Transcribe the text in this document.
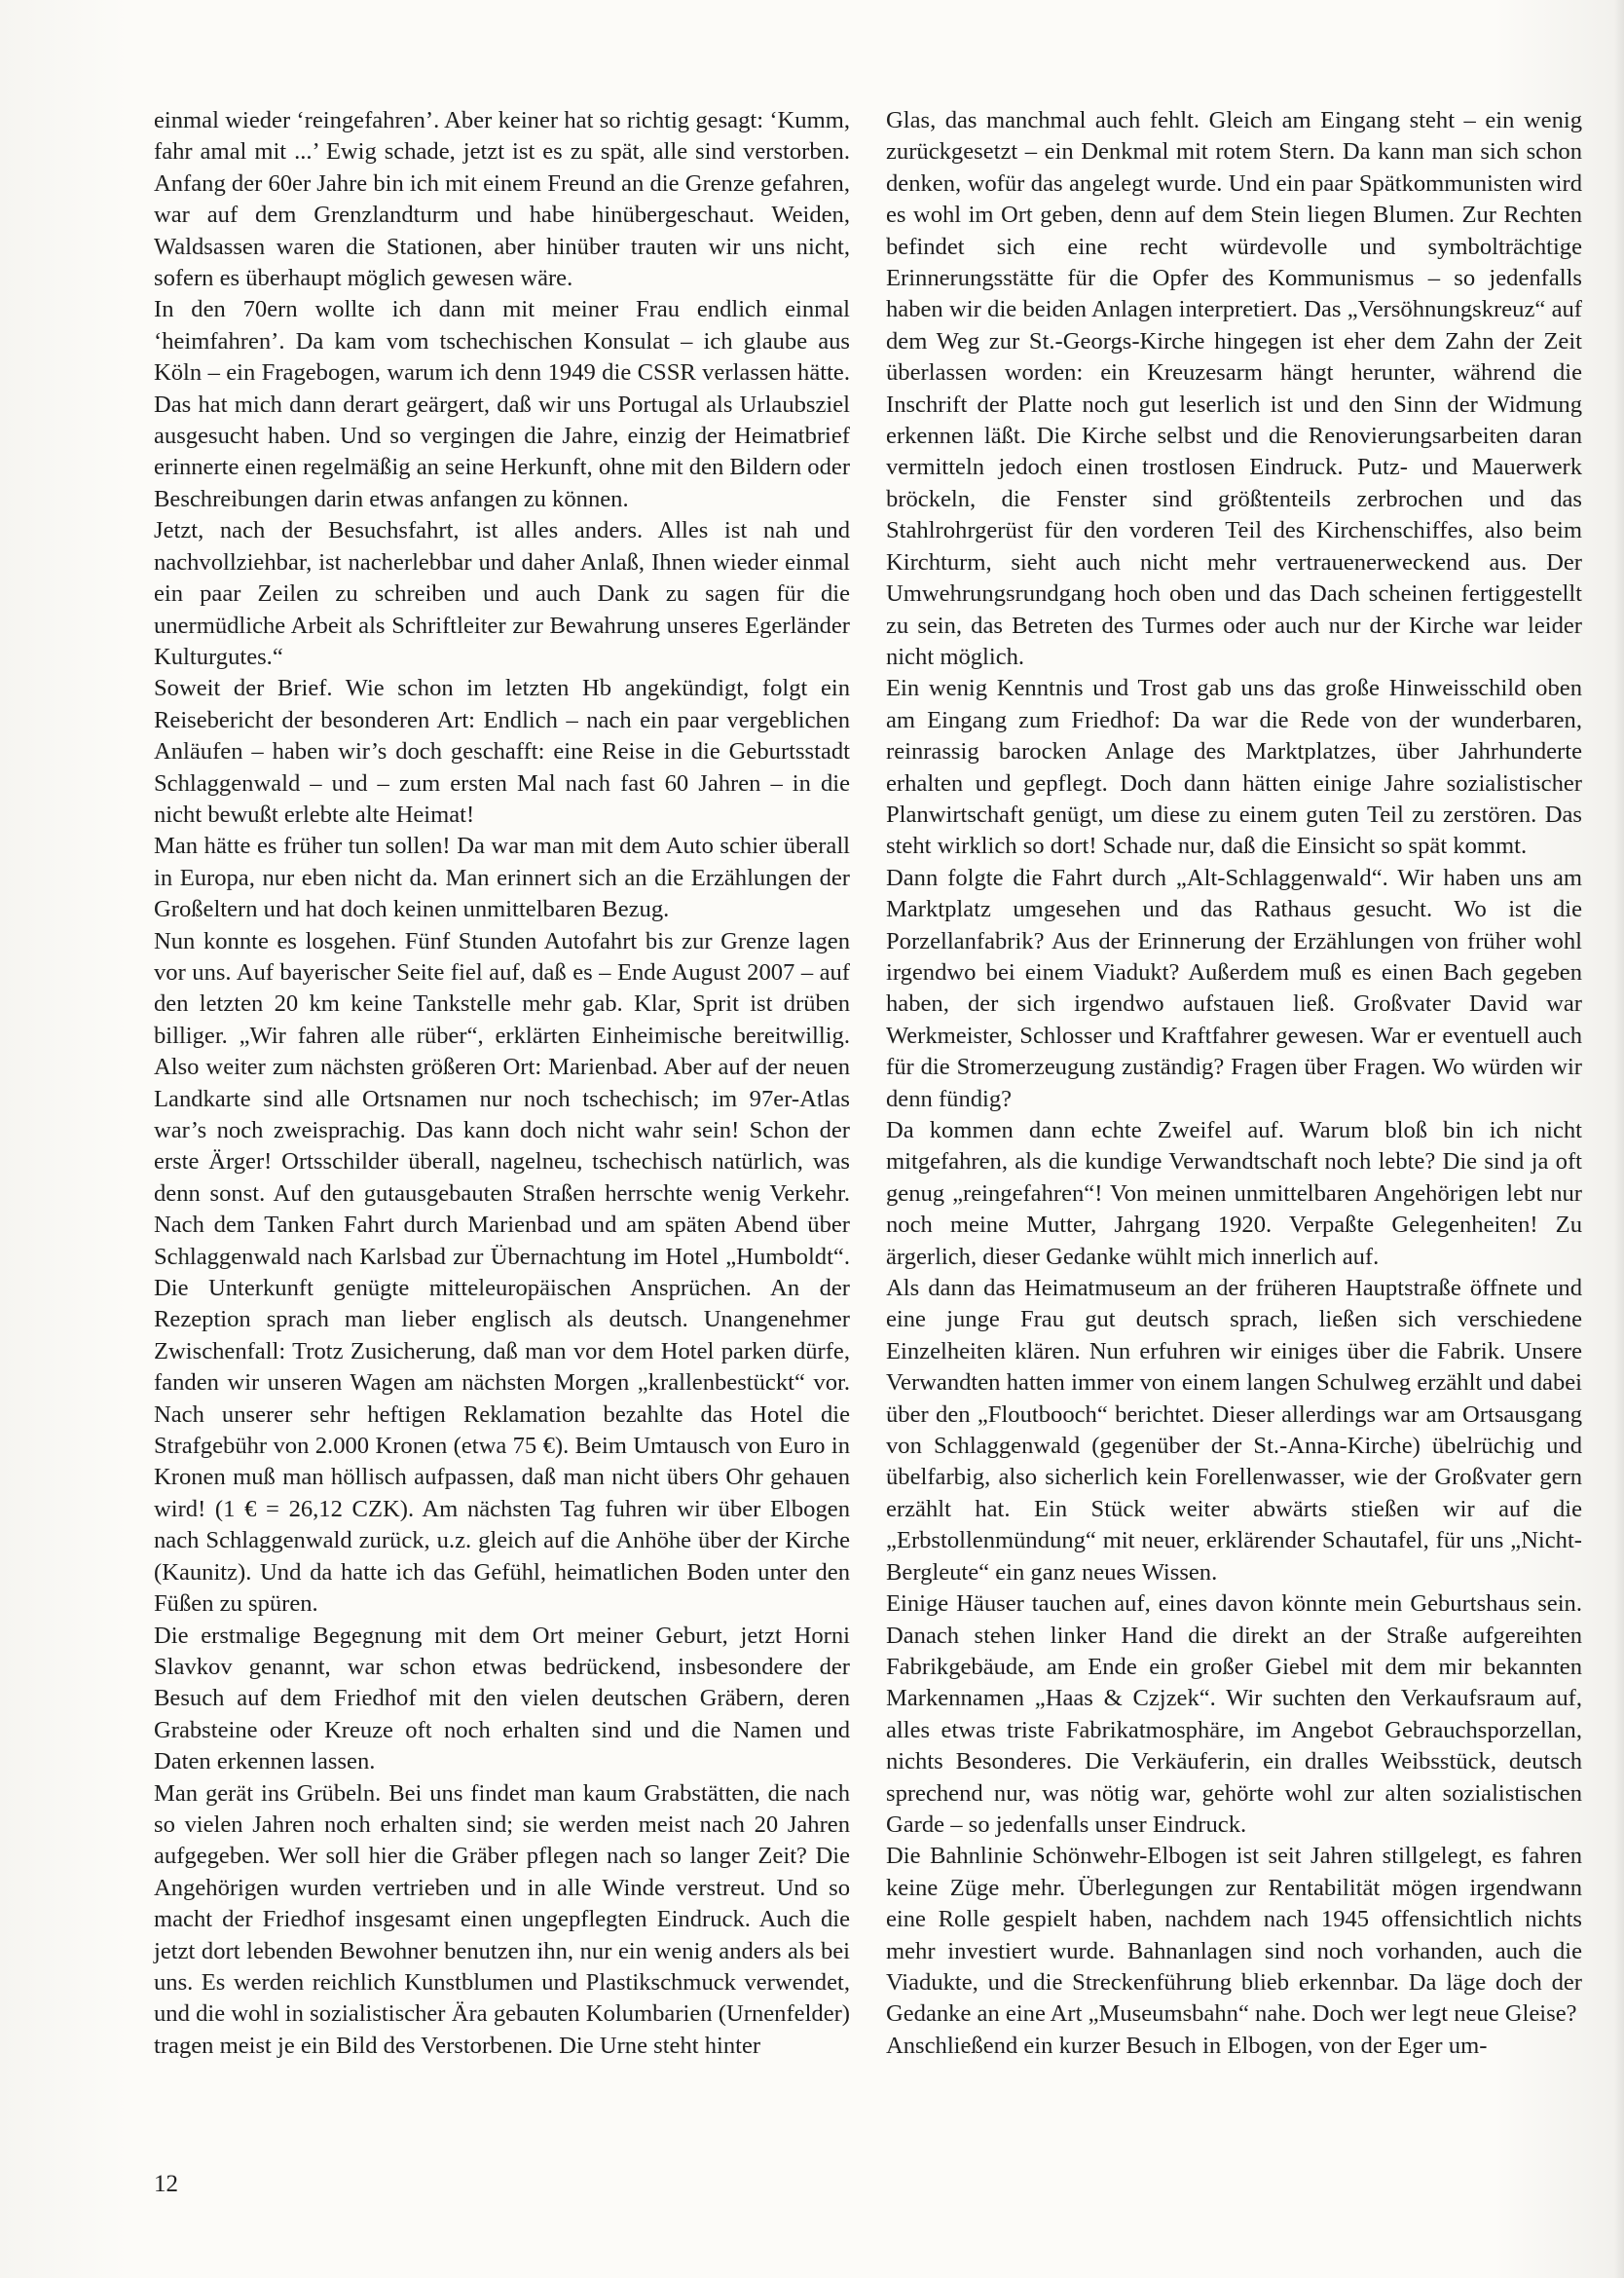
einmal wieder ‘reingefahren’. Aber keiner hat so richtig gesagt: ‘Kumm, fahr amal mit ...’ Ewig schade, jetzt ist es zu spät, alle sind verstorben. Anfang der 60er Jahre bin ich mit einem Freund an die Grenze gefahren, war auf dem Grenzlandturm und habe hinübergeschaut. Weiden, Waldsassen waren die Stationen, aber hinüber trauten wir uns nicht, sofern es überhaupt möglich gewesen wäre.

In den 70ern wollte ich dann mit meiner Frau endlich einmal ‘heimfahren’. Da kam vom tschechischen Konsulat – ich glaube aus Köln – ein Fragebogen, warum ich denn 1949 die CSSR verlassen hätte. Das hat mich dann derart geärgert, daß wir uns Portugal als Urlaubsziel ausgesucht haben. Und so vergingen die Jahre, einzig der Heimatbrief erinnerte einen regelmäßig an seine Herkunft, ohne mit den Bildern oder Beschreibungen darin etwas anfangen zu können.

Jetzt, nach der Besuchsfahrt, ist alles anders. Alles ist nah und nachvollziehbar, ist nacherlebbar und daher Anlaß, Ihnen wieder einmal ein paar Zeilen zu schreiben und auch Dank zu sagen für die unermüdliche Arbeit als Schriftleiter zur Bewahrung unseres Egerländer Kulturgutes.“

Soweit der Brief. Wie schon im letzten Hb angekündigt, folgt ein Reisebericht der besonderen Art: Endlich – nach ein paar vergeblichen Anläufen – haben wir’s doch geschafft: eine Reise in die Geburtsstadt Schlaggenwald – und – zum ersten Mal nach fast 60 Jahren – in die nicht bewußt erlebte alte Heimat!

Man hätte es früher tun sollen! Da war man mit dem Auto schier überall in Europa, nur eben nicht da. Man erinnert sich an die Erzählungen der Großeltern und hat doch keinen unmittelbaren Bezug.

Nun konnte es losgehen. Fünf Stunden Autofahrt bis zur Grenze lagen vor uns. Auf bayerischer Seite fiel auf, daß es – Ende August 2007 – auf den letzten 20 km keine Tankstelle mehr gab. Klar, Sprit ist drüben billiger. „Wir fahren alle rüber“, erklärten Einheimische bereitwillig. Also weiter zum nächsten größeren Ort: Marienbad. Aber auf der neuen Landkarte sind alle Ortsnamen nur noch tschechisch; im 97er-Atlas war’s noch zweisprachig. Das kann doch nicht wahr sein! Schon der erste Ärger! Ortsschilder überall, nagelneu, tschechisch natürlich, was denn sonst. Auf den gutausgebauten Straßen herrschte wenig Verkehr. Nach dem Tanken Fahrt durch Marienbad und am späten Abend über Schlaggenwald nach Karlsbad zur Übernachtung im Hotel „Humboldt“. Die Unterkunft genügte mitteleuropäischen Ansprüchen. An der Rezeption sprach man lieber englisch als deutsch. Unangenehmer Zwischenfall: Trotz Zusicherung, daß man vor dem Hotel parken dürfe, fanden wir unseren Wagen am nächsten Morgen „krallenbestückt“ vor. Nach unserer sehr heftigen Reklamation bezahlte das Hotel die Strafgebühr von 2.000 Kronen (etwa 75 €). Beim Umtausch von Euro in Kronen muß man höllisch aufpassen, daß man nicht übers Ohr gehauen wird! (1 € = 26,12 CZK). Am nächsten Tag fuhren wir über Elbogen nach Schlaggenwald zurück, u.z. gleich auf die Anhöhe über der Kirche (Kaunitz). Und da hatte ich das Gefühl, heimatlichen Boden unter den Füßen zu spüren.

Die erstmalige Begegnung mit dem Ort meiner Geburt, jetzt Horni Slavkov genannt, war schon etwas bedrückend, insbesondere der Besuch auf dem Friedhof mit den vielen deutschen Gräbern, deren Grabsteine oder Kreuze oft noch erhalten sind und die Namen und Daten erkennen lassen.

Man gerät ins Grübeln. Bei uns findet man kaum Grabstätten, die nach so vielen Jahren noch erhalten sind; sie werden meist nach 20 Jahren aufgegeben. Wer soll hier die Gräber pflegen nach so langer Zeit? Die Angehörigen wurden vertrieben und in alle Winde verstreut. Und so macht der Friedhof insgesamt einen ungepflegten Eindruck. Auch die jetzt dort lebenden Bewohner benutzen ihn, nur ein wenig anders als bei uns. Es werden reichlich Kunstblumen und Plastikschmuck verwendet, und die wohl in sozialistischer Ära gebauten Kolumbarien (Urnenfelder) tragen meist je ein Bild des Verstorbenen. Die Urne steht hinter

Glas, das manchmal auch fehlt. Gleich am Eingang steht – ein wenig zurückgesetzt – ein Denkmal mit rotem Stern. Da kann man sich schon denken, wofür das angelegt wurde. Und ein paar Spätkommunisten wird es wohl im Ort geben, denn auf dem Stein liegen Blumen. Zur Rechten befindet sich eine recht würdevolle und symbolträchtige Erinnerungsstätte für die Opfer des Kommunismus – so jedenfalls haben wir die beiden Anlagen interpretiert. Das „Versöhnungskreuz“ auf dem Weg zur St.-Georgs-Kirche hingegen ist eher dem Zahn der Zeit überlassen worden: ein Kreuzesarm hängt herunter, während die Inschrift der Platte noch gut leserlich ist und den Sinn der Widmung erkennen läßt. Die Kirche selbst und die Renovierungsarbeiten daran vermitteln jedoch einen trostlosen Eindruck. Putz- und Mauerwerk bröckeln, die Fenster sind größtenteils zerbrochen und das Stahlrohrgerüst für den vorderen Teil des Kirchenschiffes, also beim Kirchturm, sieht auch nicht mehr vertrauenerweckend aus. Der Umwehrungsrundgang hoch oben und das Dach scheinen fertiggestellt zu sein, das Betreten des Turmes oder auch nur der Kirche war leider nicht möglich.

Ein wenig Kenntnis und Trost gab uns das große Hinweisschild oben am Eingang zum Friedhof: Da war die Rede von der wunderbaren, reinrassig barocken Anlage des Marktplatzes, über Jahrhunderte erhalten und gepflegt. Doch dann hätten einige Jahre sozialistischer Planwirtschaft genügt, um diese zu einem guten Teil zu zerstören. Das steht wirklich so dort! Schade nur, daß die Einsicht so spät kommt.

Dann folgte die Fahrt durch „Alt-Schlaggenwald“. Wir haben uns am Marktplatz umgesehen und das Rathaus gesucht. Wo ist die Porzellanfabrik? Aus der Erinnerung der Erzählungen von früher wohl irgendwo bei einem Viadukt? Außerdem muß es einen Bach gegeben haben, der sich irgendwo aufstauen ließ. Großvater David war Werkmeister, Schlosser und Kraftfahrer gewesen. War er eventuell auch für die Stromerzeugung zuständig? Fragen über Fragen. Wo würden wir denn fündig?

Da kommen dann echte Zweifel auf. Warum bloß bin ich nicht mitgefahren, als die kundige Verwandtschaft noch lebte? Die sind ja oft genug „reingefahren“! Von meinen unmittelbaren Angehörigen lebt nur noch meine Mutter, Jahrgang 1920. Verpaßte Gelegenheiten! Zu ärgerlich, dieser Gedanke wühlt mich innerlich auf.

Als dann das Heimatmuseum an der früheren Hauptstraße öffnete und eine junge Frau gut deutsch sprach, ließen sich verschiedene Einzelheiten klären. Nun erfuhren wir einiges über die Fabrik. Unsere Verwandten hatten immer von einem langen Schulweg erzählt und dabei über den „Floutbooch“ berichtet. Dieser allerdings war am Ortsausgang von Schlaggenwald (gegenüber der St.-Anna-Kirche) übelrüchig und übelfarbig, also sicherlich kein Forellenwasser, wie der Großvater gern erzählt hat. Ein Stück weiter abwärts stießen wir auf die „Erbstollenmündung“ mit neuer, erklärender Schautafel, für uns „Nicht-Bergleute“ ein ganz neues Wissen.

Einige Häuser tauchen auf, eines davon könnte mein Geburtshaus sein. Danach stehen linker Hand die direkt an der Straße aufgereihten Fabrikgebäude, am Ende ein großer Giebel mit dem mir bekannten Markennamen „Haas & Czjzek“. Wir suchten den Verkaufsraum auf, alles etwas triste Fabrikatmosphäre, im Angebot Gebrauchsporzellan, nichts Besonderes. Die Verkäuferin, ein dralles Weibsstück, deutsch sprechend nur, was nötig war, gehörte wohl zur alten sozialistischen Garde – so jedenfalls unser Eindruck.

Die Bahnlinie Schönwehr-Elbogen ist seit Jahren stillgelegt, es fahren keine Züge mehr. Überlegungen zur Rentabilität mögen irgendwann eine Rolle gespielt haben, nachdem nach 1945 offensichtlich nichts mehr investiert wurde. Bahnanlagen sind noch vorhanden, auch die Viadukte, und die Streckenführung blieb erkennbar. Da läge doch der Gedanke an eine Art „Museumsbahn“ nahe. Doch wer legt neue Gleise?

Anschließend ein kurzer Besuch in Elbogen, von der Eger um-

12
